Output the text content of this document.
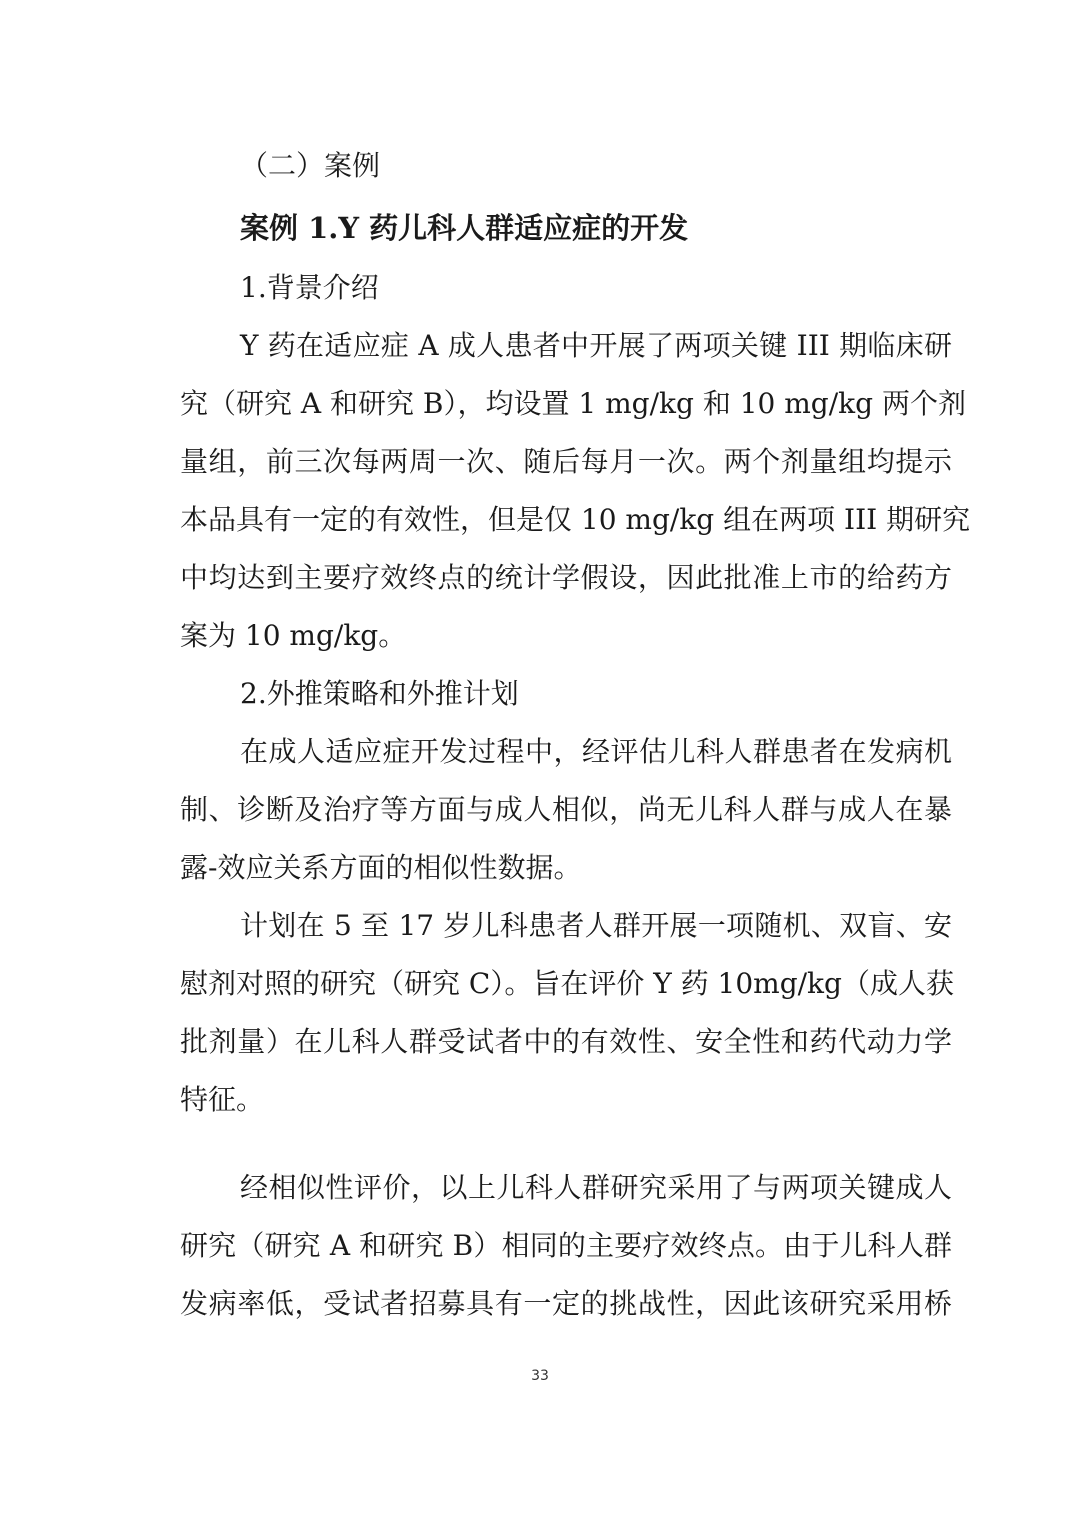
（二）案例
案例 1.Y 药儿科人群适应症的开发
1.背景介绍
Y 药在适应症 A 成人患者中开展了两项关键 III 期临床研
究（研究 A 和研究 B），均设置 1 mg/kg 和 10 mg/kg 两个剂
量组，前三次每两周一次、随后每月一次。两个剂量组均提示
本品具有一定的有效性，但是仅 10 mg/kg 组在两项 III 期研究
中均达到主要疗效终点的统计学假设，因此批准上市的给药方
案为 10 mg/kg。
2.外推策略和外推计划
在成人适应症开发过程中，经评估儿科人群患者在发病机
制、诊断及治疗等方面与成人相似，尚无儿科人群与成人在暴
露-效应关系方面的相似性数据。
计划在 5 至 17 岁儿科患者人群开展一项随机、双盲、安
慰剂对照的研究（研究 C）。旨在评价 Y 药 10mg/kg（成人获
批剂量）在儿科人群受试者中的有效性、安全性和药代动力学
特征。
经相似性评价，以上儿科人群研究采用了与两项关键成人
研究（研究 A 和研究 B）相同的主要疗效终点。由于儿科人群
发病率低，受试者招募具有一定的挑战性，因此该研究采用桥
33
